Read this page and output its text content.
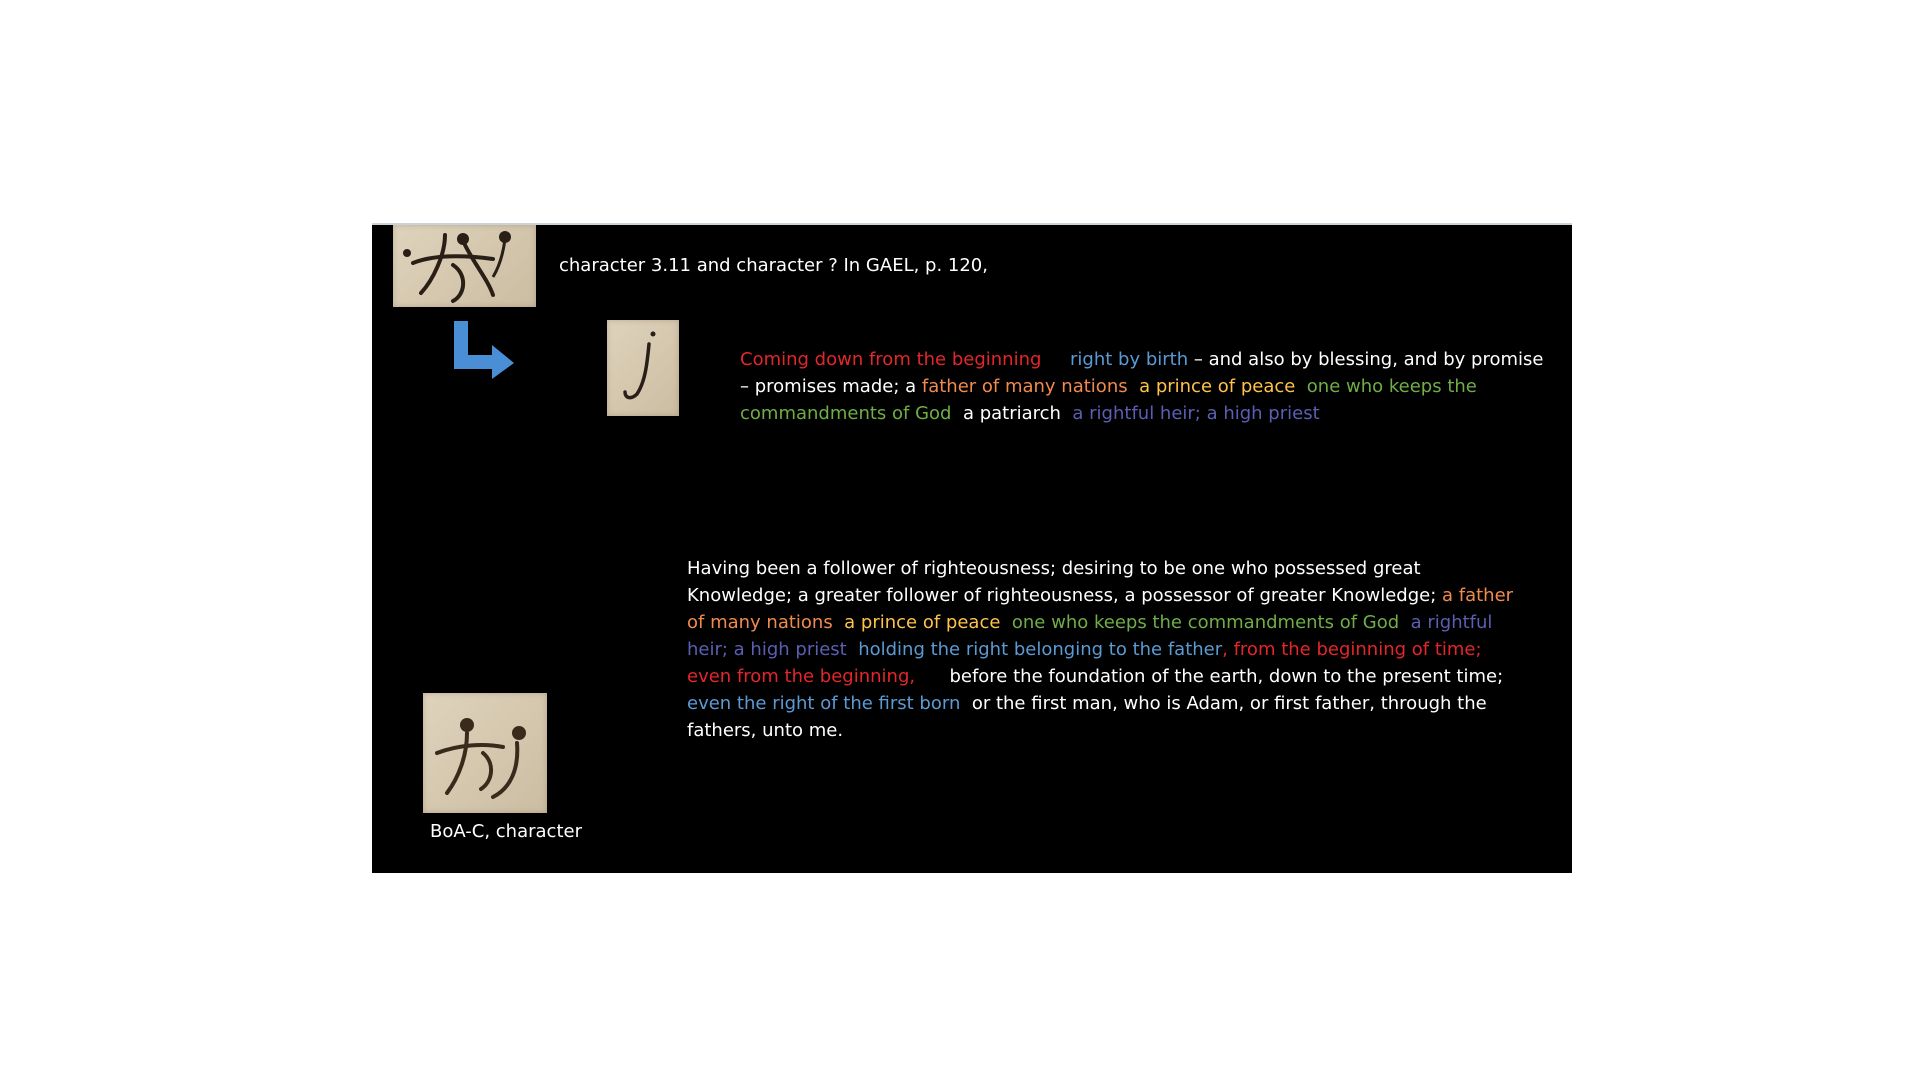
character 3.11 and character ? In GAEL, p. 120,
Coming down from the beginning right by birth – and also by blessing, and by promise – promises made; a father of many nations a prince of peace one who keeps the commandments of God a patriarch a rightful heir; a high priest
Having been a follower of righteousness; desiring to be one who possessed great Knowledge; a greater follower of righteousness, a possessor of greater Knowledge; a father of many nations a prince of peace one who keeps the commandments of God a rightful heir; a high priest holding the right belonging to the father, from the beginning of time; even from the beginning, before the foundation of the earth, down to the present time; even the right of the first born or the first man, who is Adam, or first father, through the fathers, unto me.
BoA-C, character
